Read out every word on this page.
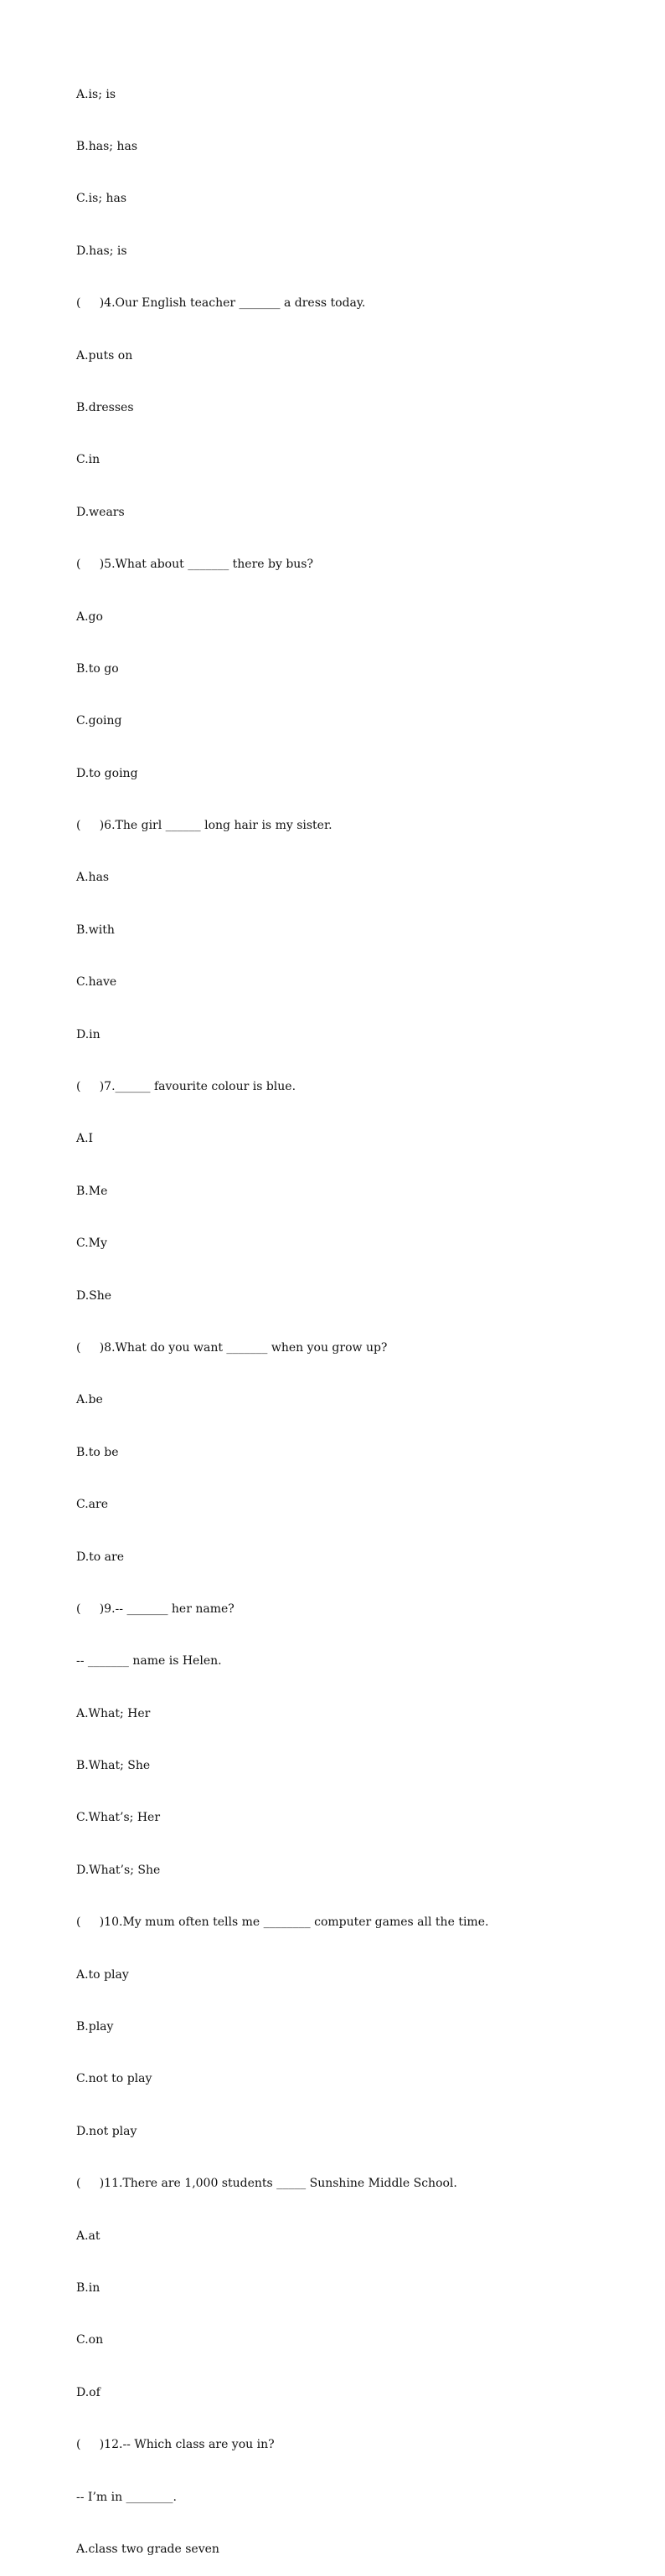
A.is; is

B.has; has

C.is; has

D.has; is

(     )4.Our English teacher _______ a dress today.

A.puts on

B.dresses

C.in

D.wears

(     )5.What about _______ there by bus?

A.go

B.to go

C.going

D.to going

(     )6.The girl ______ long hair is my sister.

A.has

B.with

C.have

D.in

(     )7.______ favourite colour is blue.

A.I

B.Me

C.My

D.She

(     )8.What do you want _______ when you grow up?

A.be

B.to be

C.are

D.to are

(     )9.-- _______ her name?

-- _______ name is Helen.

A.What; Her

B.What; She

C.What’s; Her

D.What’s; She

(     )10.My mum often tells me ________ computer games all the time.

A.to play

B.play

C.not to play

D.not play

(     )11.There are 1,000 students _____ Sunshine Middle School.

A.at

B.in

C.on

D.of

(     )12.-- Which class are you in?

-- I’m in ________.

A.class two grade seven
